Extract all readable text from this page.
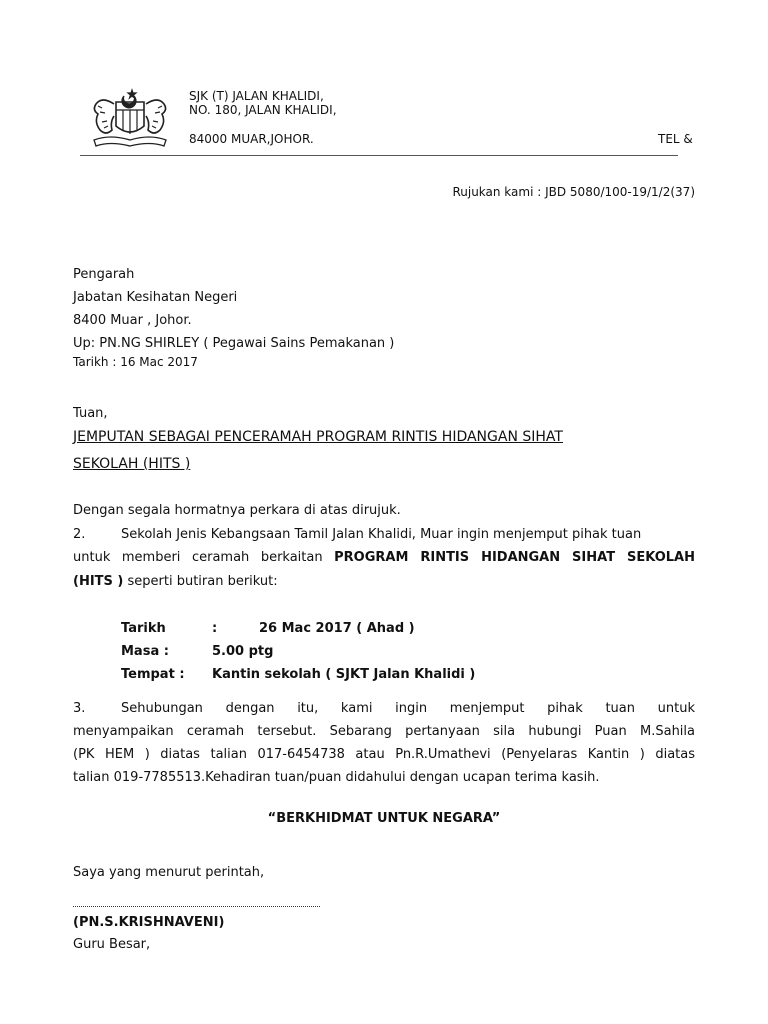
SJK (T) JALAN KHALIDI,
NO. 180, JALAN KHALIDI,
84000 MUAR,JOHOR.	TEL &
Rujukan kami : JBD 5080/100-19/1/2(37)
Pengarah
Jabatan Kesihatan Negeri
8400 Muar , Johor.
Up: PN.NG SHIRLEY ( Pegawai Sains Pemakanan )
Tarikh : 16 Mac 2017
Tuan,
JEMPUTAN SEBAGAI PENCERAMAH PROGRAM RINTIS HIDANGAN SIHAT
SEKOLAH (HITS )
Dengan segala hormatnya perkara di atas dirujuk.
2.	Sekolah Jenis Kebangsaan Tamil Jalan Khalidi, Muar ingin menjemput pihak tuan
untuk memberi ceramah berkaitan PROGRAM RINTIS HIDANGAN SIHAT SEKOLAH
(HITS ) seperti butiran berikut:
Tarikh	:	26 Mac 2017 ( Ahad )
Masa :	5.00 ptg
Tempat : Kantin sekolah ( SJKT Jalan Khalidi )
3.	Sehubungan dengan itu, kami ingin menjemput pihak tuan untuk
menyampaikan ceramah tersebut. Sebarang pertanyaan sila hubungi Puan M.Sahila
(PK HEM ) diatas talian 017-6454738 atau Pn.R.Umathevi (Penyelaras Kantin ) diatas
talian 019-7785513.Kehadiran tuan/puan didahului dengan ucapan terima kasih.
“BERKHIDMAT UNTUK NEGARA”
Saya yang menurut perintah,
(PN.S.KRISHNAVENI)
Guru Besar,
